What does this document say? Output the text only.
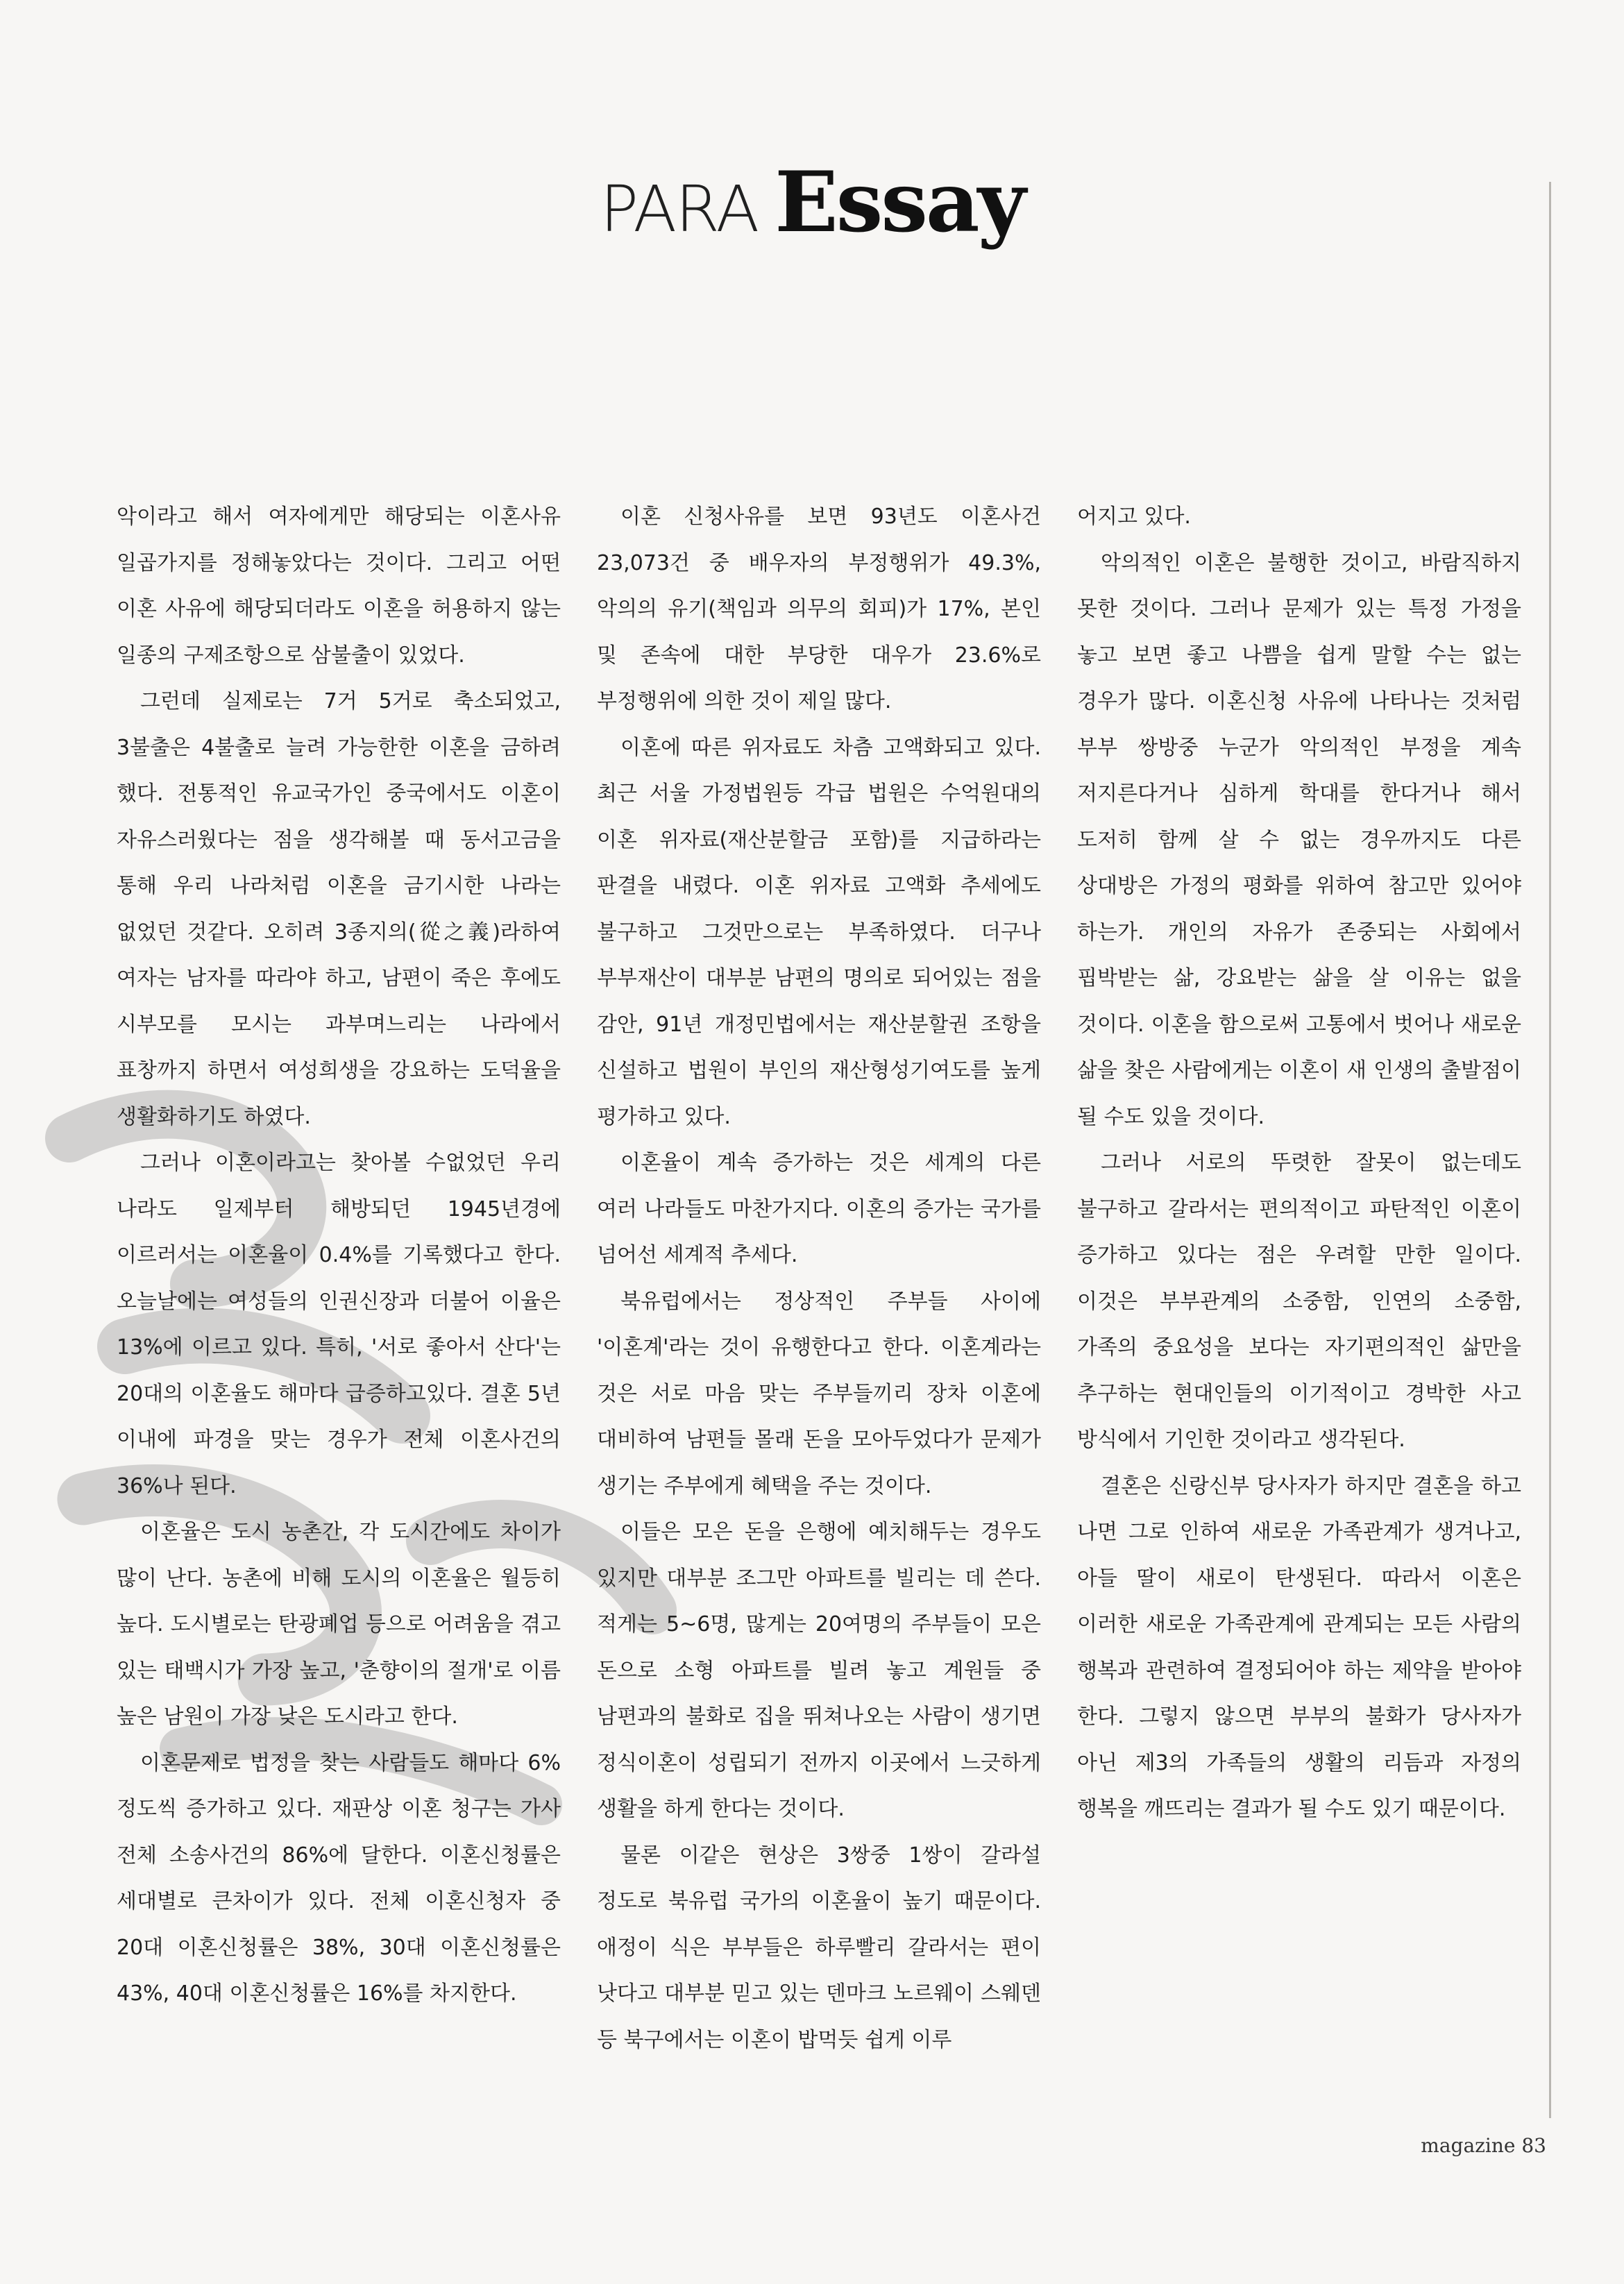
PARA Essay

악이라고 해서 여자에게만 해당되는 이혼사유 일곱가지를 정해놓았다는 것이다. 그리고 어떤 이혼 사유에 해당되더라도 이혼을 허용하지 않는 일종의 구제조항으로 삼불출이 있었다.

그런데 실제로는 7거 5거로 축소되었고, 3불출은 4불출로 늘려 가능한한 이혼을 금하려 했다. 전통적인 유교국가인 중국에서도 이혼이 자유스러웠다는 점을 생각해볼 때 동서고금을 통해 우리 나라처럼 이혼을 금기시한 나라는 없었던 것같다. 오히려 3종지의(從之義)라하여 여자는 남자를 따라야 하고, 남편이 죽은 후에도 시부모를 모시는 과부며느리는 나라에서 표창까지 하면서 여성희생을 강요하는 도덕율을 생활화하기도 하였다.

그러나 이혼이라고는 찾아볼 수없었던 우리 나라도 일제부터 해방되던 1945년경에 이르러서는 이혼율이 0.4%를 기록했다고 한다. 오늘날에는 여성들의 인권신장과 더불어 이율은 13%에 이르고 있다. 특히, '서로 좋아서 산다'는 20대의 이혼율도 해마다 급증하고있다. 결혼 5년 이내에 파경을 맞는 경우가 전체 이혼사건의 36%나 된다.

이혼율은 도시 농촌간, 각 도시간에도 차이가 많이 난다. 농촌에 비해 도시의 이혼율은 월등히 높다. 도시별로는 탄광폐업 등으로 어려움을 겪고 있는 태백시가 가장 높고, '춘향이의 절개'로 이름 높은 남원이 가장 낮은 도시라고 한다.

이혼문제로 법정을 찾는 사람들도 해마다 6%정도씩 증가하고 있다. 재판상 이혼 청구는 가사 전체 소송사건의 86%에 달한다. 이혼신청률은 세대별로 큰차이가 있다. 전체 이혼신청자 중 20대 이혼신청률은 38%, 30대 이혼신청률은 43%, 40대 이혼신청률은 16%를 차지한다.

이혼 신청사유를 보면 93년도 이혼사건 23,073건 중 배우자의 부정행위가 49.3%, 악의의 유기(책임과 의무의 회피)가 17%, 본인 및 존속에 대한 부당한 대우가 23.6%로 부정행위에 의한 것이 제일 많다.

이혼에 따른 위자료도 차츰 고액화되고 있다. 최근 서울 가정법원등 각급 법원은 수억원대의 이혼 위자료(재산분할금 포함)를 지급하라는 판결을 내렸다. 이혼 위자료 고액화 추세에도 불구하고 그것만으로는 부족하였다. 더구나 부부재산이 대부분 남편의 명의로 되어있는 점을 감안, 91년 개정민법에서는 재산분할권 조항을 신설하고 법원이 부인의 재산형성기여도를 높게 평가하고 있다.

이혼율이 계속 증가하는 것은 세계의 다른 여러 나라들도 마찬가지다. 이혼의 증가는 국가를 넘어선 세계적 추세다.

북유럽에서는 정상적인 주부들 사이에 '이혼계'라는 것이 유행한다고 한다. 이혼계라는 것은 서로 마음 맞는 주부들끼리 장차 이혼에 대비하여 남편들 몰래 돈을 모아두었다가 문제가 생기는 주부에게 혜택을 주는 것이다.

이들은 모은 돈을 은행에 예치해두는 경우도 있지만 대부분 조그만 아파트를 빌리는 데 쓴다. 적게는 5~6명, 많게는 20여명의 주부들이 모은 돈으로 소형 아파트를 빌려 놓고 계원들 중 남편과의 불화로 집을 뛰쳐나오는 사람이 생기면 정식이혼이 성립되기 전까지 이곳에서 느긋하게 생활을 하게 한다는 것이다.

물론 이같은 현상은 3쌍중 1쌍이 갈라설 정도로 북유럽 국가의 이혼율이 높기 때문이다. 애정이 식은 부부들은 하루빨리 갈라서는 편이 낫다고 대부분 믿고 있는 덴마크 노르웨이 스웨덴 등 북구에서는 이혼이 밥먹듯 쉽게 이루

어지고 있다.

악의적인 이혼은 불행한 것이고, 바람직하지 못한 것이다. 그러나 문제가 있는 특정 가정을 놓고 보면 좋고 나쁨을 쉽게 말할 수는 없는 경우가 많다. 이혼신청 사유에 나타나는 것처럼 부부 쌍방중 누군가 악의적인 부정을 계속 저지른다거나 심하게 학대를 한다거나 해서 도저히 함께 살 수 없는 경우까지도 다른 상대방은 가정의 평화를 위하여 참고만 있어야 하는가. 개인의 자유가 존중되는 사회에서 핍박받는 삶, 강요받는 삶을 살 이유는 없을 것이다. 이혼을 함으로써 고통에서 벗어나 새로운 삶을 찾은 사람에게는 이혼이 새 인생의 출발점이 될 수도 있을 것이다.

그러나 서로의 뚜렷한 잘못이 없는데도 불구하고 갈라서는 편의적이고 파탄적인 이혼이 증가하고 있다는 점은 우려할 만한 일이다. 이것은 부부관계의 소중함, 인연의 소중함, 가족의 중요성을 보다는 자기편의적인 삶만을 추구하는 현대인들의 이기적이고 경박한 사고 방식에서 기인한 것이라고 생각된다.

결혼은 신랑신부 당사자가 하지만 결혼을 하고 나면 그로 인하여 새로운 가족관계가 생겨나고, 아들 딸이 새로이 탄생된다. 따라서 이혼은 이러한 새로운 가족관계에 관계되는 모든 사람의 행복과 관련하여 결정되어야 하는 제약을 받아야 한다. 그렇지 않으면 부부의 불화가 당사자가 아닌 제3의 가족들의 생활의 리듬과 자정의 행복을 깨뜨리는 결과가 될 수도 있기 때문이다.

magazine 83
